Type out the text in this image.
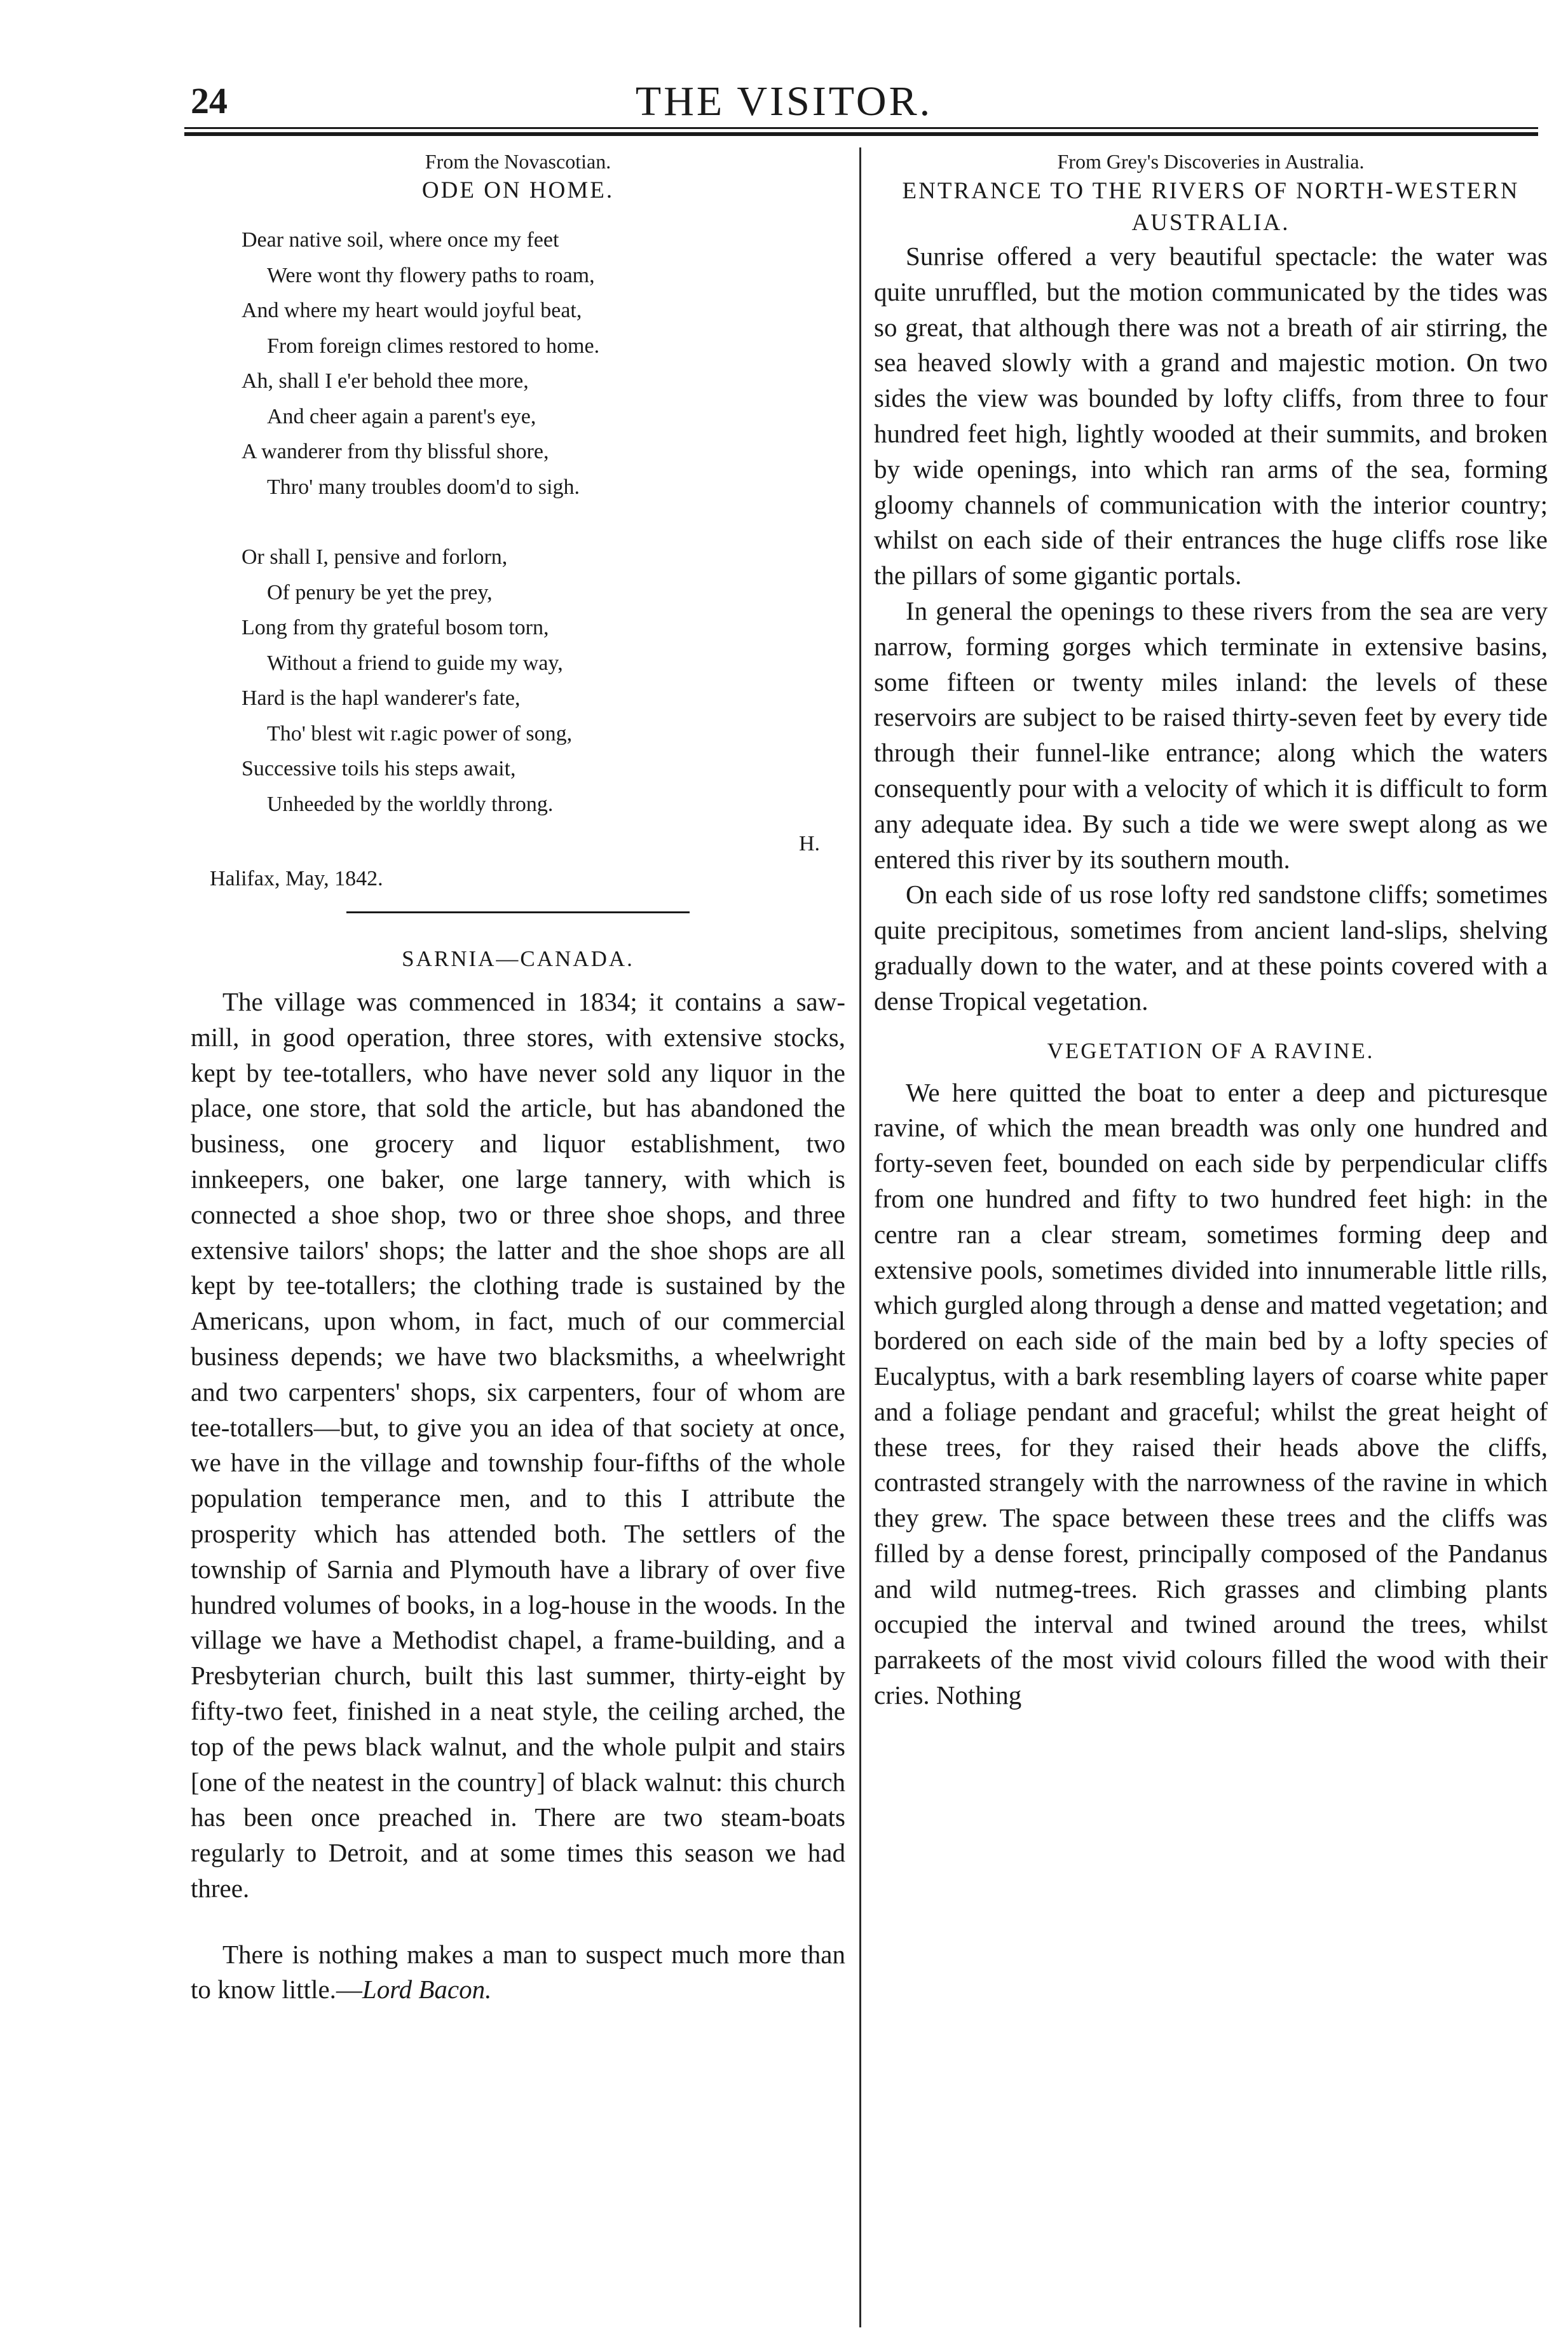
24	THE VISITOR.

From the Novascotian.

ODE ON HOME.

Dear native soil, where once my feet
Were wont thy flowery paths to roam,
And where my heart would joyful beat,
From foreign climes restored to home.
Ah, shall I e'er behold thee more,
And cheer again a parent's eye,
A wanderer from thy blissful shore,
Thro' many troubles doom'd to sigh.
Or shall I, pensive and forlorn,
Of penury be yet the prey,
Long from thy grateful bosom torn,
Without a friend to guide my way,
Hard is the hapl wanderer's fate,
Tho' blest wit r.agic power of song,
Successive toils his steps await,
Unheeded by the worldly throng.

H.

Halifax, May, 1842.

SARNIA—CANADA.

The village was commenced in 1834; it contains a saw-mill, in good operation, three stores, with extensive stocks, kept by tee-totallers, who have never sold any liquor in the place, one store, that sold the article, but has abandoned the business, one grocery and liquor establishment, two innkeepers, one baker, one large tannery, with which is connected a shoe shop, two or three shoe shops, and three extensive tailors' shops; the latter and the shoe shops are all kept by tee-totallers; the clothing trade is sustained by the Americans, upon whom, in fact, much of our commercial business depends; we have two blacksmiths, a wheelwright and two carpenters' shops, six carpenters, four of whom are tee-totallers—but, to give you an idea of that society at once, we have in the village and township four-fifths of the whole population temperance men, and to this I attribute the prosperity which has attended both. The settlers of the township of Sarnia and Plymouth have a library of over five hundred volumes of books, in a log-house in the woods. In the village we have a Methodist chapel, a frame-building, and a Presbyterian church, built this last summer, thirty-eight by fifty-two feet, finished in a neat style, the ceiling arched, the top of the pews black walnut, and the whole pulpit and stairs [one of the neatest in the country] of black walnut: this church has been once preached in. There are two steam-boats regularly to Detroit, and at some times this season we had three.

There is nothing makes a man to suspect much more than to know little.—Lord Bacon.

From Grey's Discoveries in Australia.

ENTRANCE TO THE RIVERS OF NORTH-WESTERN AUSTRALIA.

Sunrise offered a very beautiful spectacle: the water was quite unruffled, but the motion communicated by the tides was so great, that although there was not a breath of air stirring, the sea heaved slowly with a grand and majestic motion. On two sides the view was bounded by lofty cliffs, from three to four hundred feet high, lightly wooded at their summits, and broken by wide openings, into which ran arms of the sea, forming gloomy channels of communication with the interior country; whilst on each side of their entrances the huge cliffs rose like the pillars of some gigantic portals.

In general the openings to these rivers from the sea are very narrow, forming gorges which terminate in extensive basins, some fifteen or twenty miles inland: the levels of these reservoirs are subject to be raised thirty-seven feet by every tide through their funnel-like entrance; along which the waters consequently pour with a velocity of which it is difficult to form any adequate idea. By such a tide we were swept along as we entered this river by its southern mouth.

On each side of us rose lofty red sandstone cliffs; sometimes quite precipitous, sometimes from ancient land-slips, shelving gradually down to the water, and at these points covered with a dense Tropical vegetation.

VEGETATION OF A RAVINE.

We here quitted the boat to enter a deep and picturesque ravine, of which the mean breadth was only one hundred and forty-seven feet, bounded on each side by perpendicular cliffs from one hundred and fifty to two hundred feet high: in the centre ran a clear stream, sometimes forming deep and extensive pools, sometimes divided into innumerable little rills, which gurgled along through a dense and matted vegetation; and bordered on each side of the main bed by a lofty species of Eucalyptus, with a bark resembling layers of coarse white paper and a foliage pendant and graceful; whilst the great height of these trees, for they raised their heads above the cliffs, contrasted strangely with the narrowness of the ravine in which they grew. The space between these trees and the cliffs was filled by a dense forest, principally composed of the Pandanus and wild nutmeg-trees. Rich grasses and climbing plants occupied the interval and twined around the trees, whilst parrakeets of the most vivid colours filled the wood with their cries. Nothing
